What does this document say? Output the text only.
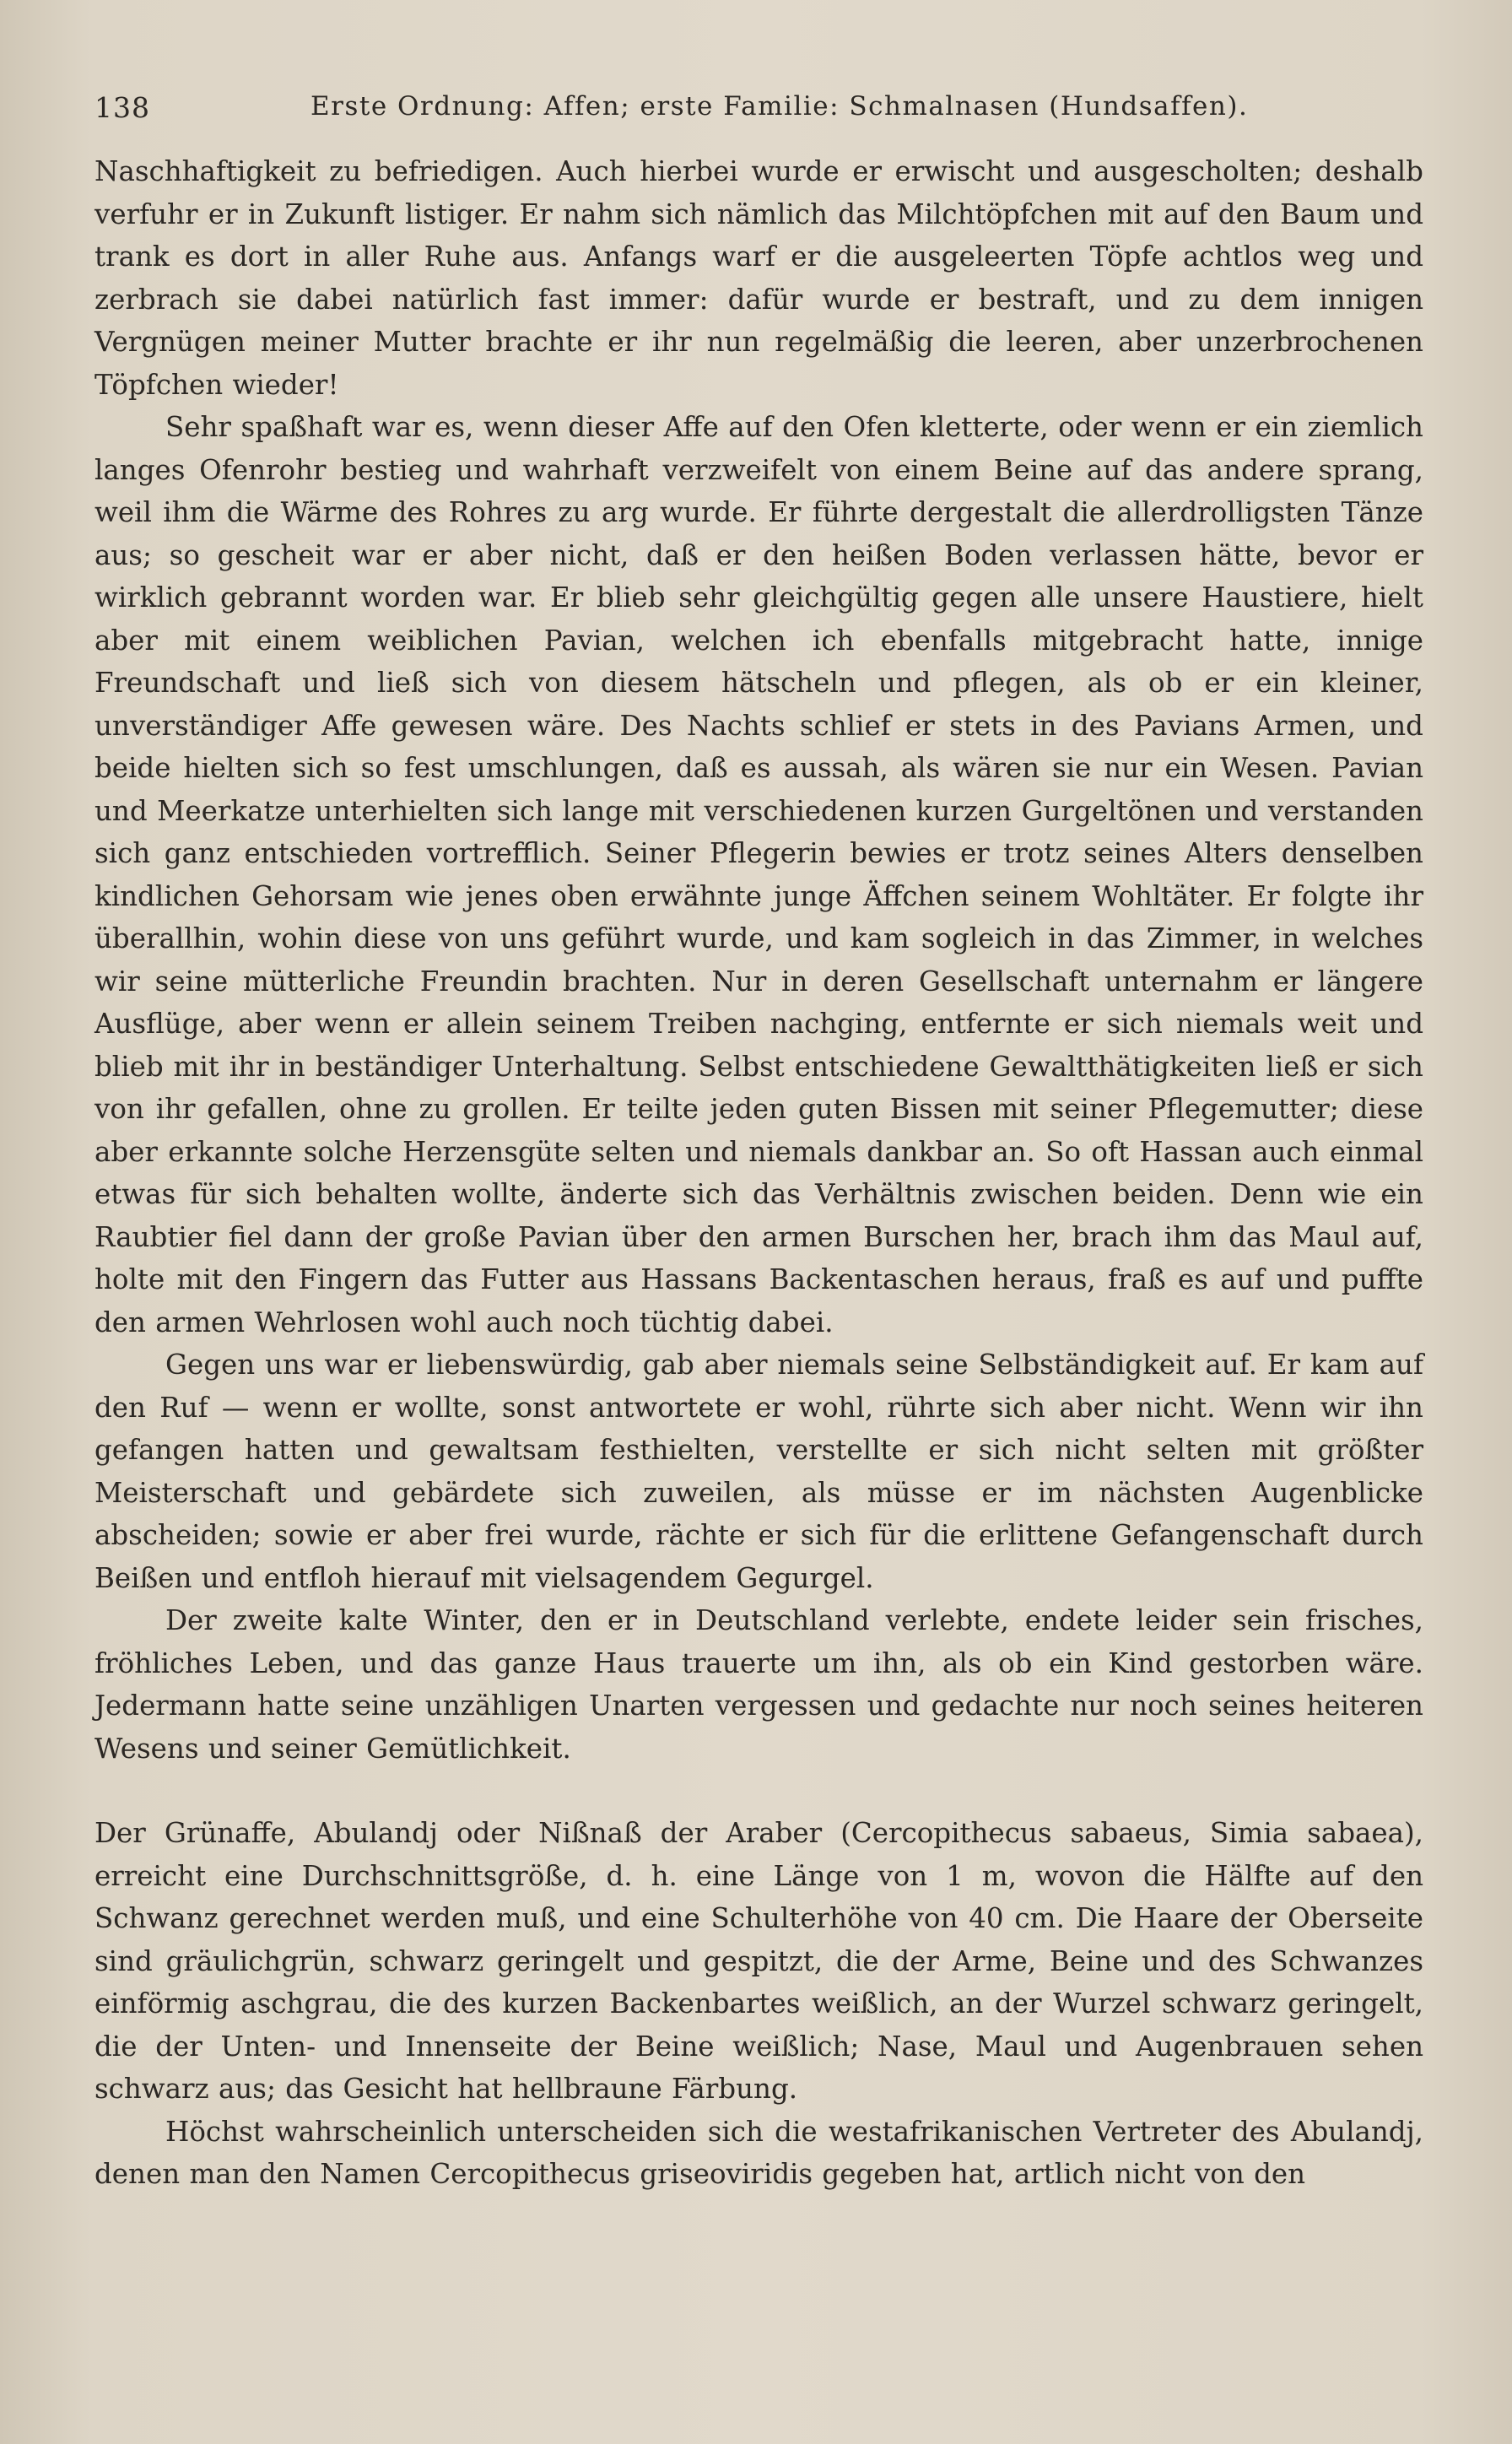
138	Erste Ordnung: Affen; erste Familie: Schmalnasen (Hundsaffen).

Naschhaftigkeit zu befriedigen. Auch hierbei wurde er erwischt und ausgescholten; deshalb verfuhr er in Zukunft listiger. Er nahm sich nämlich das Milchtöpfchen mit auf den Baum und trank es dort in aller Ruhe aus. Anfangs warf er die ausgeleerten Töpfe achtlos weg und zerbrach sie dabei natürlich fast immer: dafür wurde er bestraft, und zu dem innigen Vergnügen meiner Mutter brachte er ihr nun regelmäßig die leeren, aber unzerbrochenen Töpfchen wieder!

Sehr spaßhaft war es, wenn dieser Affe auf den Ofen kletterte, oder wenn er ein ziemlich langes Ofenrohr bestieg und wahrhaft verzweifelt von einem Beine auf das andere sprang, weil ihm die Wärme des Rohres zu arg wurde. Er führte dergestalt die allerdrolligsten Tänze aus; so gescheit war er aber nicht, daß er den heißen Boden verlassen hätte, bevor er wirklich gebrannt worden war. Er blieb sehr gleichgültig gegen alle unsere Haustiere, hielt aber mit einem weiblichen Pavian, welchen ich ebenfalls mitgebracht hatte, innige Freundschaft und ließ sich von diesem hätscheln und pflegen, als ob er ein kleiner, unverständiger Affe gewesen wäre. Des Nachts schlief er stets in des Pavians Armen, und beide hielten sich so fest umschlungen, daß es aussah, als wären sie nur ein Wesen. Pavian und Meerkatze unterhielten sich lange mit verschiedenen kurzen Gurgeltönen und verstanden sich ganz entschieden vortrefflich. Seiner Pflegerin bewies er trotz seines Alters denselben kindlichen Gehorsam wie jenes oben erwähnte junge Äffchen seinem Wohltäter. Er folgte ihr überallhin, wohin diese von uns geführt wurde, und kam sogleich in das Zimmer, in welches wir seine mütterliche Freundin brachten. Nur in deren Gesellschaft unternahm er längere Ausflüge, aber wenn er allein seinem Treiben nachging, entfernte er sich niemals weit und blieb mit ihr in beständiger Unterhaltung. Selbst entschiedene Gewaltthätigkeiten ließ er sich von ihr gefallen, ohne zu grollen. Er teilte jeden guten Bissen mit seiner Pflegemutter; diese aber erkannte solche Herzensgüte selten und niemals dankbar an. So oft Hassan auch einmal etwas für sich behalten wollte, änderte sich das Verhältnis zwischen beiden. Denn wie ein Raubtier fiel dann der große Pavian über den armen Burschen her, brach ihm das Maul auf, holte mit den Fingern das Futter aus Hassans Backentaschen heraus, fraß es auf und puffte den armen Wehrlosen wohl auch noch tüchtig dabei.

Gegen uns war er liebenswürdig, gab aber niemals seine Selbständigkeit auf. Er kam auf den Ruf — wenn er wollte, sonst antwortete er wohl, rührte sich aber nicht. Wenn wir ihn gefangen hatten und gewaltsam festhielten, verstellte er sich nicht selten mit größter Meisterschaft und gebärdete sich zuweilen, als müsse er im nächsten Augenblicke abscheiden; sowie er aber frei wurde, rächte er sich für die erlittene Gefangenschaft durch Beißen und entfloh hierauf mit vielsagendem Gegurgel.

Der zweite kalte Winter, den er in Deutschland verlebte, endete leider sein frisches, fröhliches Leben, und das ganze Haus trauerte um ihn, als ob ein Kind gestorben wäre. Jedermann hatte seine unzähligen Unarten vergessen und gedachte nur noch seines heiteren Wesens und seiner Gemütlichkeit.

Der Grünaffe, Abulandj oder Nißnaß der Araber (Cercopithecus sabaeus, Simia sabaea), erreicht eine Durchschnittsgröße, d. h. eine Länge von 1 m, wovon die Hälfte auf den Schwanz gerechnet werden muß, und eine Schulterhöhe von 40 cm. Die Haare der Oberseite sind gräulichgrün, schwarz geringelt und gespitzt, die der Arme, Beine und des Schwanzes einförmig aschgrau, die des kurzen Backenbartes weißlich, an der Wurzel schwarz geringelt, die der Unten- und Innenseite der Beine weißlich; Nase, Maul und Augenbrauen sehen schwarz aus; das Gesicht hat hellbraune Färbung.

Höchst wahrscheinlich unterscheiden sich die westafrikanischen Vertreter des Abulandj, denen man den Namen Cercopithecus griseoviridis gegeben hat, artlich nicht von den
